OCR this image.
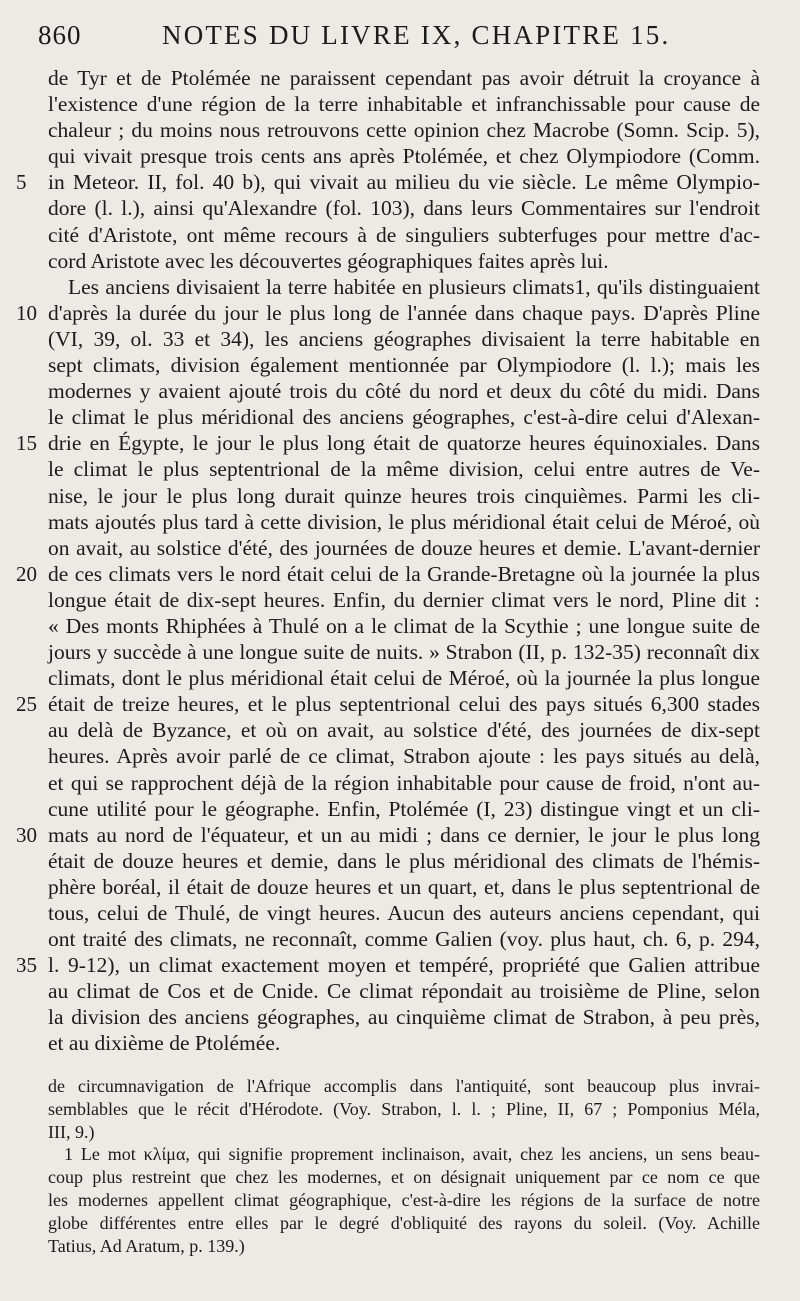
860	NOTES DU LIVRE IX, CHAPITRE 15.
de Tyr et de Ptolémée ne paraissent cependant pas avoir détruit la croyance à
l'existence d'une région de la terre inhabitable et infranchissable pour cause de
chaleur ; du moins nous retrouvons cette opinion chez Macrobe (Somn. Scip. 5),
qui vivait presque trois cents ans après Ptolémée, et chez Olympiodore (Comm.
in Meteor. II, fol. 40 b), qui vivait au milieu du vie siècle. Le même Olympio-
5
dore (l. l.), ainsi qu'Alexandre (fol. 103), dans leurs Commentaires sur l'endroit
cité d'Aristote, ont même recours à de singuliers subterfuges pour mettre d'ac-
cord Aristote avec les découvertes géographiques faites après lui.
Les anciens divisaient la terre habitée en plusieurs climats1, qu'ils distinguaient
d'après la durée du jour le plus long de l'année dans chaque pays. D'après Pline
10
(VI, 39, ol. 33 et 34), les anciens géographes divisaient la terre habitable en
sept climats, division également mentionnée par Olympiodore (l. l.); mais les
modernes y avaient ajouté trois du côté du nord et deux du côté du midi. Dans
le climat le plus méridional des anciens géographes, c'est-à-dire celui d'Alexan-
drie en Égypte, le jour le plus long était de quatorze heures équinoxiales. Dans
15
le climat le plus septentrional de la même division, celui entre autres de Ve-
nise, le jour le plus long durait quinze heures trois cinquièmes. Parmi les cli-
mats ajoutés plus tard à cette division, le plus méridional était celui de Méroé, où
on avait, au solstice d'été, des journées de douze heures et demie. L'avant-dernier
de ces climats vers le nord était celui de la Grande-Bretagne où la journée la plus
20
longue était de dix-sept heures. Enfin, du dernier climat vers le nord, Pline dit :
« Des monts Rhiphées à Thulé on a le climat de la Scythie ; une longue suite de
jours y succède à une longue suite de nuits. » Strabon (II, p. 132-35) reconnaît dix
climats, dont le plus méridional était celui de Méroé, où la journée la plus longue
était de treize heures, et le plus septentrional celui des pays situés 6,300 stades
25
au delà de Byzance, et où on avait, au solstice d'été, des journées de dix-sept
heures. Après avoir parlé de ce climat, Strabon ajoute : les pays situés au delà,
et qui se rapprochent déjà de la région inhabitable pour cause de froid, n'ont au-
cune utilité pour le géographe. Enfin, Ptolémée (I, 23) distingue vingt et un cli-
mats au nord de l'équateur, et un au midi ; dans ce dernier, le jour le plus long
30
était de douze heures et demie, dans le plus méridional des climats de l'hémis-
phère boréal, il était de douze heures et un quart, et, dans le plus septentrional de
tous, celui de Thulé, de vingt heures. Aucun des auteurs anciens cependant, qui
ont traité des climats, ne reconnaît, comme Galien (voy. plus haut, ch. 6, p. 294,
l. 9-12), un climat exactement moyen et tempéré, propriété que Galien attribue
35
au climat de Cos et de Cnide. Ce climat répondait au troisième de Pline, selon
la division des anciens géographes, au cinquième climat de Strabon, à peu près,
et au dixième de Ptolémée.
de circumnavigation de l'Afrique accomplis dans l'antiquité, sont beaucoup plus invrai-
semblables que le récit d'Hérodote. (Voy. Strabon, l. l. ; Pline, II, 67 ; Pomponius Méla,
III, 9.)
1 Le mot κλίμα, qui signifie proprement inclinaison, avait, chez les anciens, un sens beau-
coup plus restreint que chez les modernes, et on désignait uniquement par ce nom ce que
les modernes appellent climat géographique, c'est-à-dire les régions de la surface de notre
globe différentes entre elles par le degré d'obliquité des rayons du soleil. (Voy. Achille
Tatius, Ad Aratum, p. 139.)
